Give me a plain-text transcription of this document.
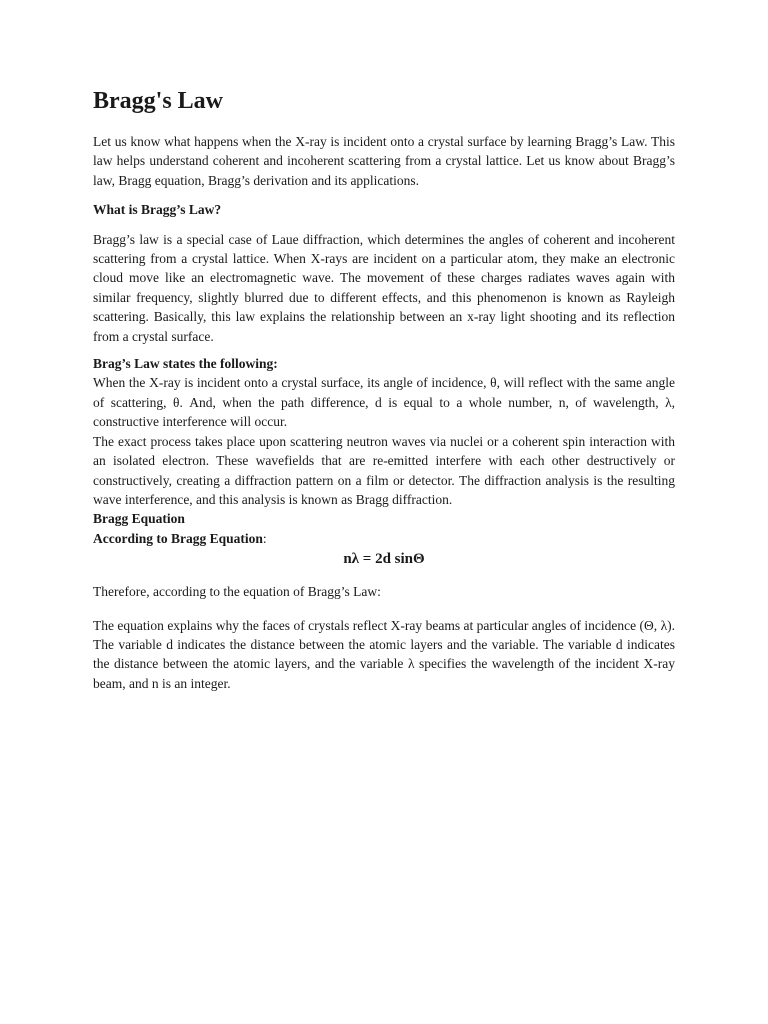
Bragg's Law

Let us know what happens when the X-ray is incident onto a crystal surface by learning Bragg’s Law. This law helps understand coherent and incoherent scattering from a crystal lattice. Let us know about Bragg’s law, Bragg equation, Bragg’s derivation and its applications.

What is Bragg’s Law?

Bragg’s law is a special case of Laue diffraction, which determines the angles of coherent and incoherent scattering from a crystal lattice. When X-rays are incident on a particular atom, they make an electronic cloud move like an electromagnetic wave. The movement of these charges radiates waves again with similar frequency, slightly blurred due to different effects, and this phenomenon is known as Rayleigh scattering. Basically, this law explains the relationship between an x-ray light shooting and its reflection from a crystal surface.

Brag’s Law states the following:

When the X-ray is incident onto a crystal surface, its angle of incidence, θ, will reflect with the same angle of scattering, θ. And, when the path difference, d is equal to a whole number, n, of wavelength, λ, constructive interference will occur.

The exact process takes place upon scattering neutron waves via nuclei or a coherent spin interaction with an isolated electron. These wavefields that are re-emitted interfere with each other destructively or constructively, creating a diffraction pattern on a film or detector. The diffraction analysis is the resulting wave interference, and this analysis is known as Bragg diffraction.

Bragg Equation
According to Bragg Equation:
nλ = 2d sinΘ

Therefore, according to the equation of Bragg’s Law:

The equation explains why the faces of crystals reflect X-ray beams at particular angles of incidence (Θ, λ). The variable d indicates the distance between the atomic layers and the variable. The variable d indicates the distance between the atomic layers, and the variable λ specifies the wavelength of the incident X-ray beam, and n is an integer.
